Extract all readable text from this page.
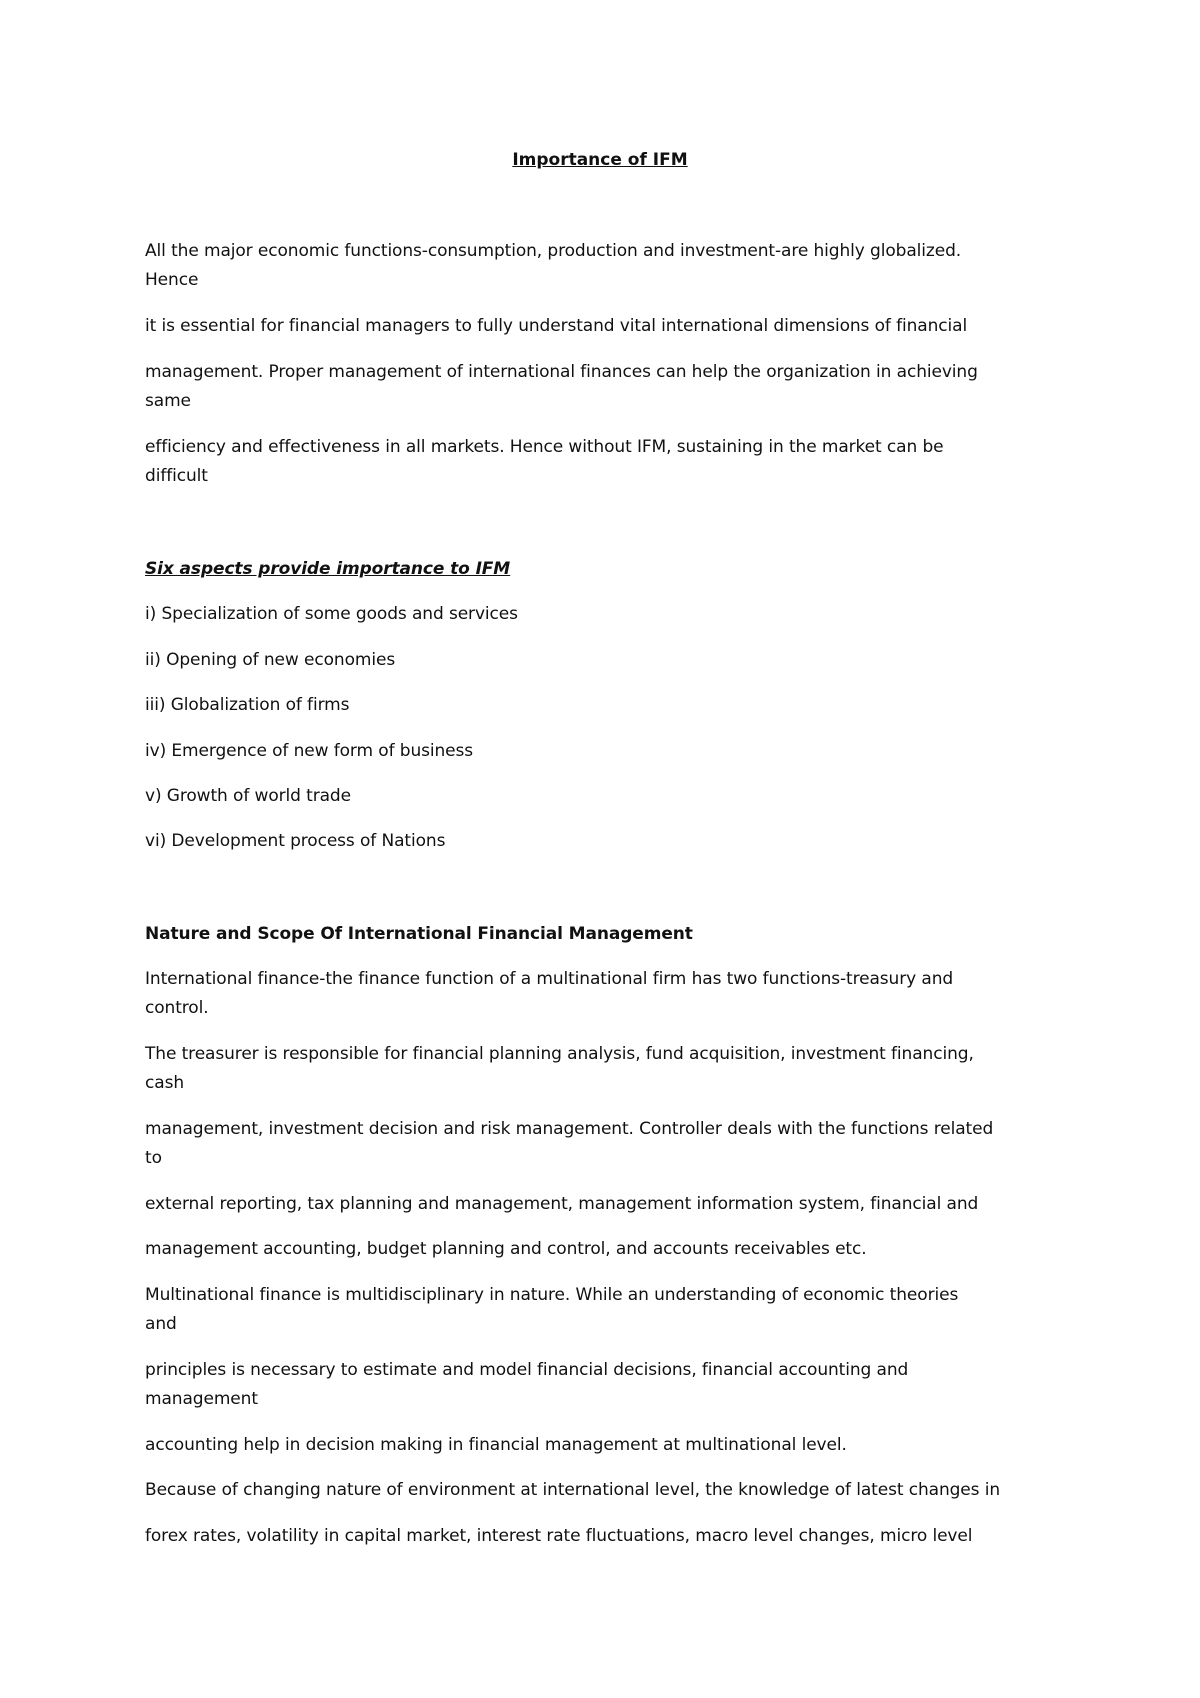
Importance of IFM
All the major economic functions-consumption, production and investment-are highly globalized.
Hence
it is essential for financial managers to fully understand vital international dimensions of financial
management. Proper management of international finances can help the organization in achieving
same
efficiency and effectiveness in all markets. Hence without IFM, sustaining in the market can be
difficult
Six aspects provide importance to IFM
i) Specialization of some goods and services
ii) Opening of new economies
iii) Globalization of firms
iv) Emergence of new form of business
v) Growth of world trade
vi) Development process of Nations
Nature and Scope Of International Financial Management
International finance-the finance function of a multinational firm has two functions-treasury and
control.
The treasurer is responsible for financial planning analysis, fund acquisition, investment financing,
cash
management, investment decision and risk management. Controller deals with the functions related
to
external reporting, tax planning and management, management information system, financial and
management accounting, budget planning and control, and accounts receivables etc.
Multinational finance is multidisciplinary in nature. While an understanding of economic theories
and
principles is necessary to estimate and model financial decisions, financial accounting and
management
accounting help in decision making in financial management at multinational level.
Because of changing nature of environment at international level, the knowledge of latest changes in
forex rates, volatility in capital market, interest rate fluctuations, macro level changes, micro level
